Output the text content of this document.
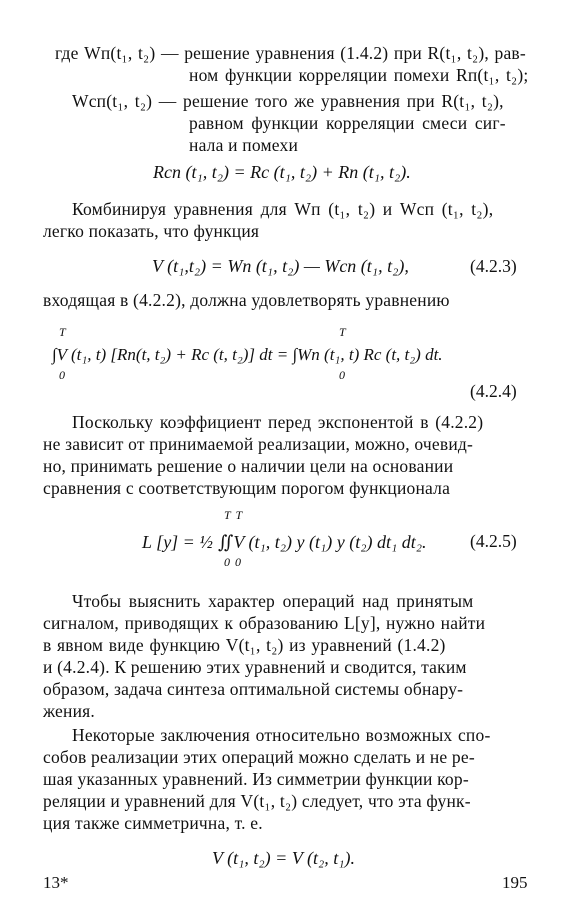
где Wп(t₁, t₂) — решение уравнения (1.4.2) при R(t₁, t₂), рав-
ном функции корреляции помехи Rп(t₁, t₂);
Wсп(t₁, t₂) — решение того же уравнения при R(t₁, t₂),
равном функции корреляции смеси сиг-
нала и помехи
Rсп (t₁, t₂) = Rс (t₁, t₂) + Rп (t₁, t₂).
Комбинируя уравнения для Wп (t₁, t₂) и Wсп (t₁, t₂),
легко показать, что функция
V (t₁,t₂) = Wп (t₁, t₂) — Wсп (t₁, t₂),	(4.2.3)
входящая в (4.2.2), должна удовлетворять уравнению
T
0
T
0
∫V (t₁, t) [Rп(t, t₂) + Rс (t, t₂)] dt = ∫Wп (t₁, t) Rс (t, t₂) dt.
(4.2.4)
Поскольку коэффициент перед экспонентой в (4.2.2)
не зависит от принимаемой реализации, можно, очевид-
но, принимать решение о наличии цели на основании
сравнения с соответствующим порогом функционала
T T
0 0
L [y] = ½ ∬V (t₁, t₂) y (t₁) y (t₂) dt₁ dt₂. (4.2.5)
Чтобы выяснить характер операций над принятым
сигналом, приводящих к образованию L[y], нужно найти
в явном виде функцию V(t₁, t₂) из уравнений (1.4.2)
и (4.2.4). К решению этих уравнений и сводится, таким
образом, задача синтеза оптимальной системы обнару-
жения.
Некоторые заключения относительно возможных спо-
собов реализации этих операций можно сделать и не ре-
шая указанных уравнений. Из симметрии функции кор-
реляции и уравнений для V(t₁, t₂) следует, что эта функ-
ция также симметрична, т. е.
V (t₁, t₂) = V (t₂, t₁).
13*	195
